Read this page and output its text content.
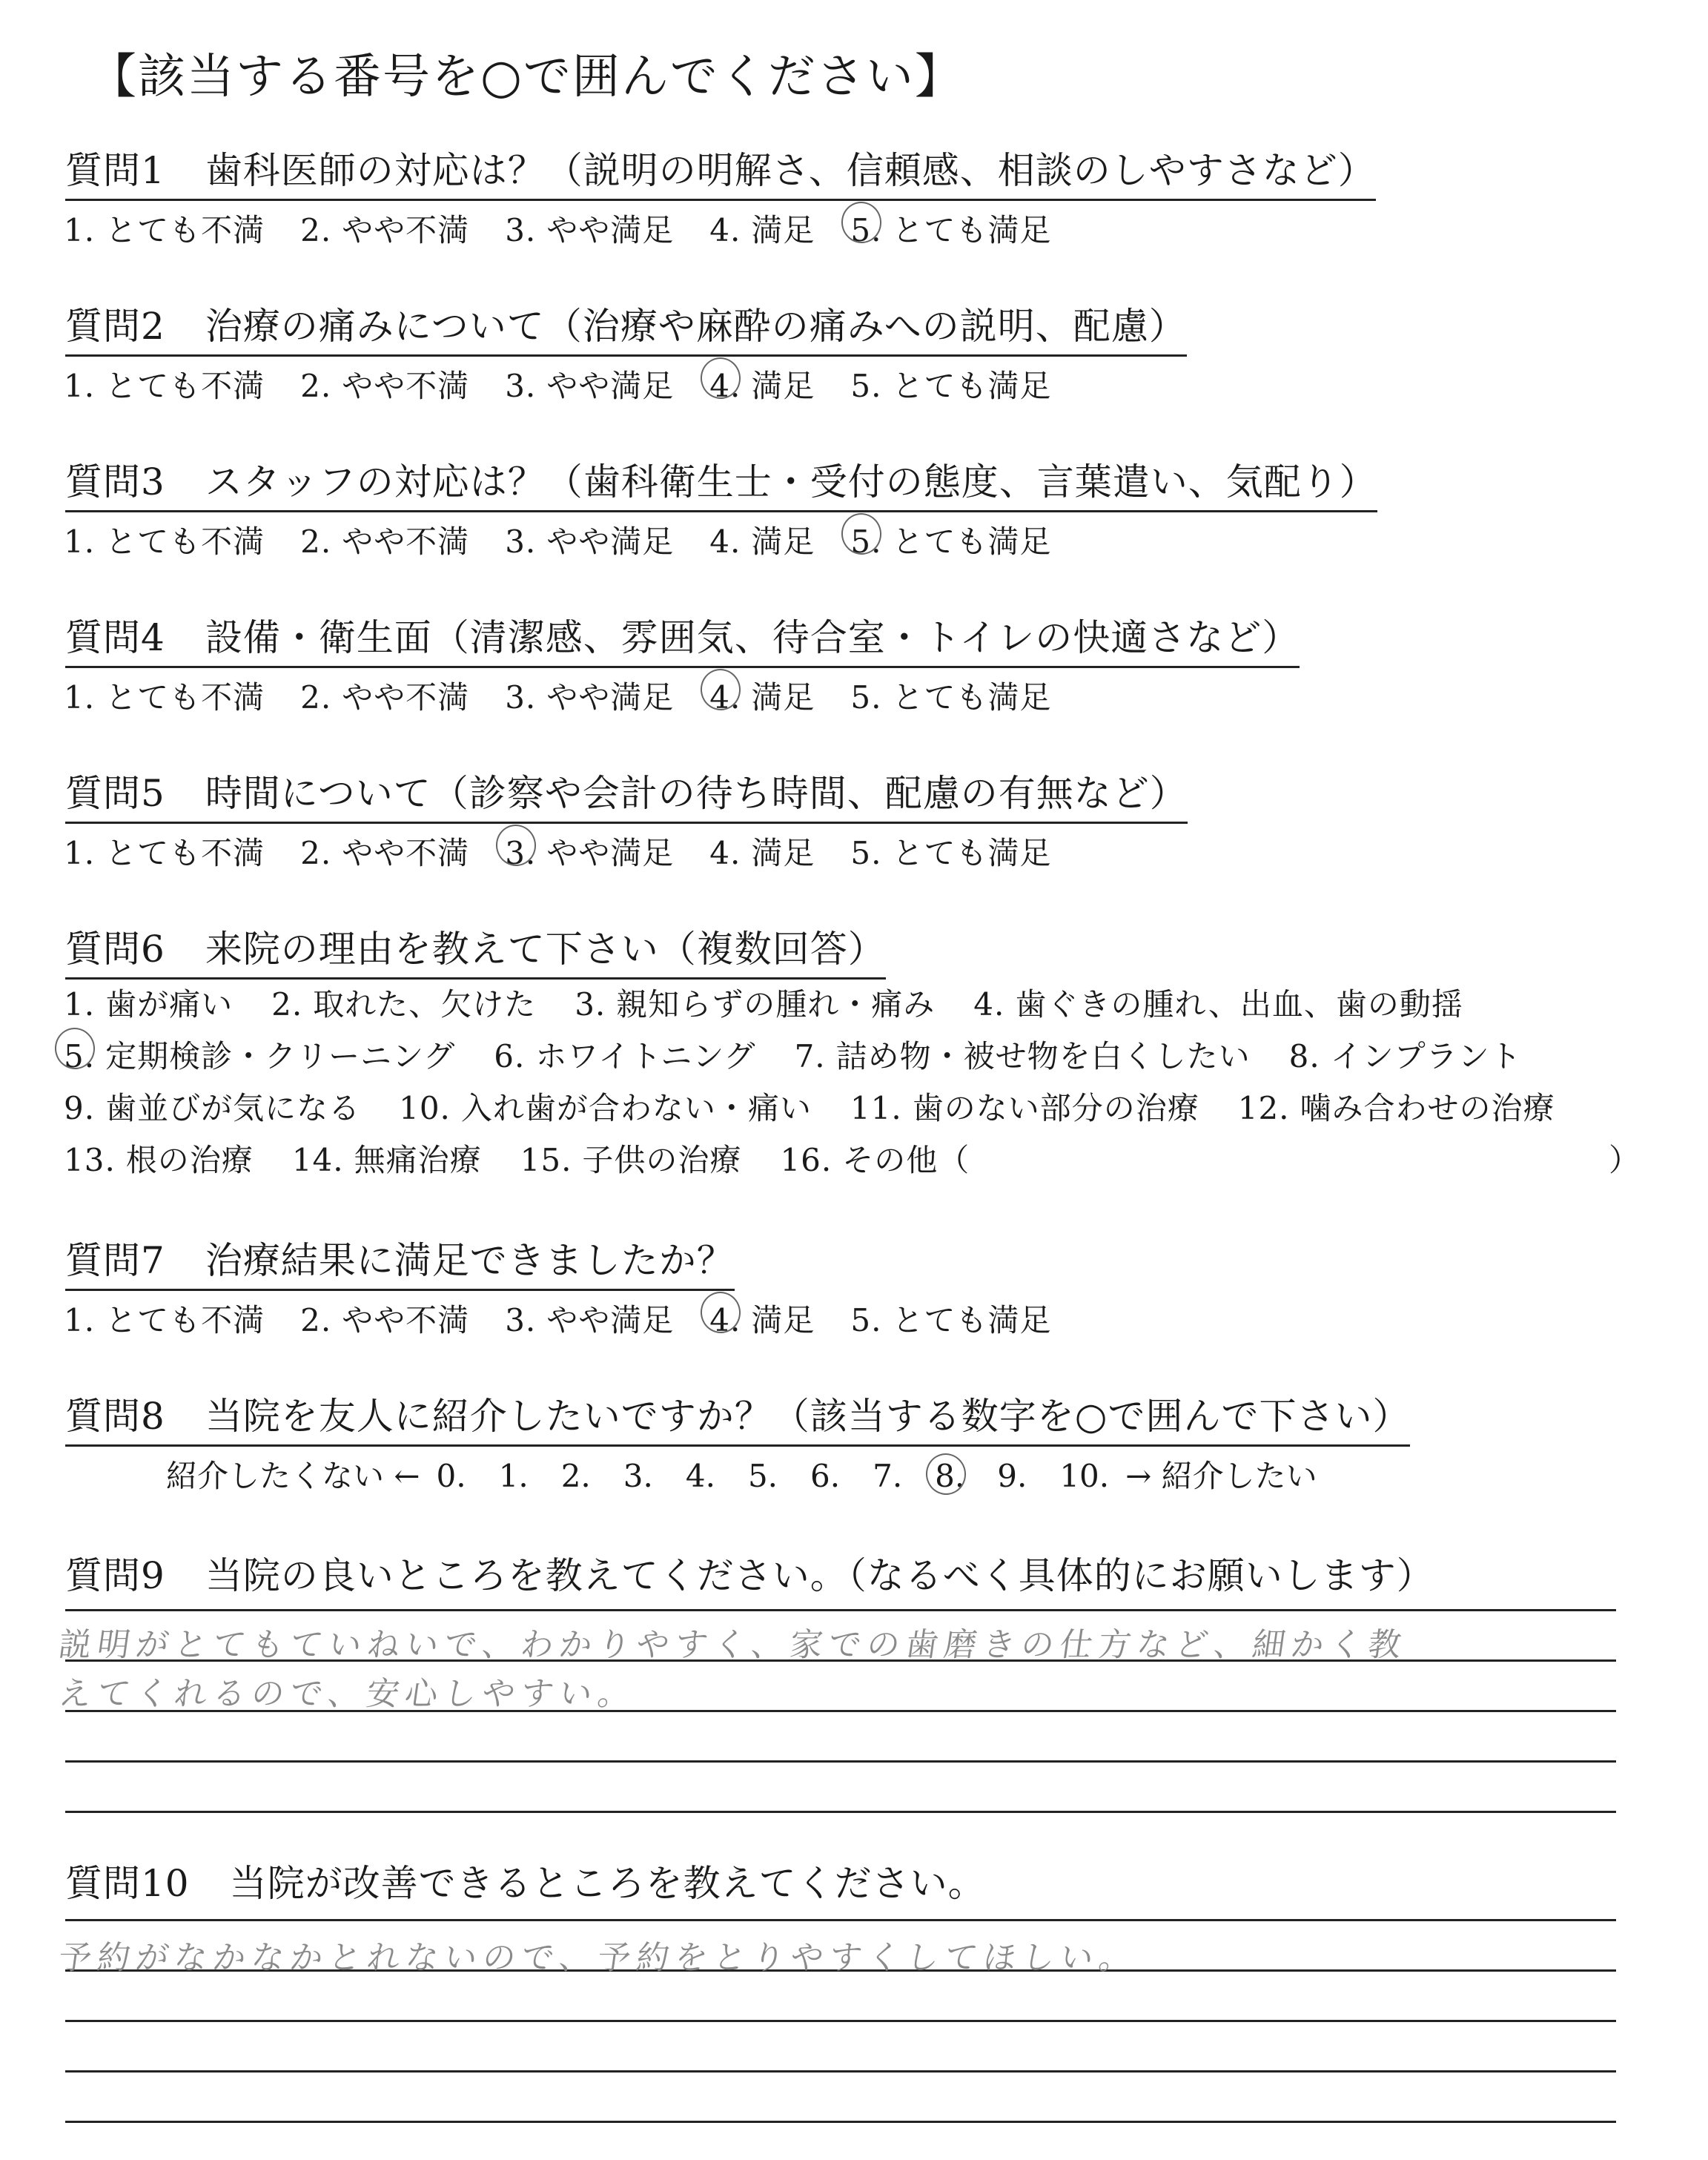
【該当する番号を○で囲んでください】
質問1 歯科医師の対応は？（説明の明解さ、信頼感、相談のしやすさなど）
1. とても不満 2. やや不満 3. やや満足 4. 満足 5. とても満足
質問2 治療の痛みについて（治療や麻酔の痛みへの説明、配慮）
1. とても不満 2. やや不満 3. やや満足 4. 満足 5. とても満足
質問3 スタッフの対応は？（歯科衛生士・受付の態度、言葉遣い、気配り）
1. とても不満 2. やや不満 3. やや満足 4. 満足 5. とても満足
質問4 設備・衛生面（清潔感、雰囲気、待合室・トイレの快適さなど）
1. とても不満 2. やや不満 3. やや満足 4. 満足 5. とても満足
質問5 時間について（診察や会計の待ち時間、配慮の有無など）
1. とても不満 2. やや不満 3. やや満足 4. 満足 5. とても満足
質問6 来院の理由を教えて下さい（複数回答）
1. 歯が痛い 2. 取れた、欠けた 3. 親知らずの腫れ・痛み 4. 歯ぐきの腫れ、出血、歯の動揺
5. 定期検診・クリーニング 6. ホワイトニング 7. 詰め物・被せ物を白くしたい 8. インプラント
9. 歯並びが気になる 10. 入れ歯が合わない・痛い 11. 歯のない部分の治療 12. 噛み合わせの治療
13. 根の治療 14. 無痛治療 15. 子供の治療 16. その他（	）
質問7 治療結果に満足できましたか？
1. とても不満 2. やや不満 3. やや満足 4. 満足 5. とても満足
質問8 当院を友人に紹介したいですか？（該当する数字を○で囲んで下さい）
紹介したくない ← 0. 1. 2. 3. 4. 5. 6. 7. 8. 9. 10. → 紹介したい
質問9 当院の良いところを教えてください。（なるべく具体的にお願いします）
説明がとてもていねいで、わかりやすく、家での歯磨きの仕方など、細かく教
えてくれるので、安心しやすい。
質問10 当院が改善できるところを教えてください。
予約がなかなかとれないので、予約をとりやすくしてほしい。
